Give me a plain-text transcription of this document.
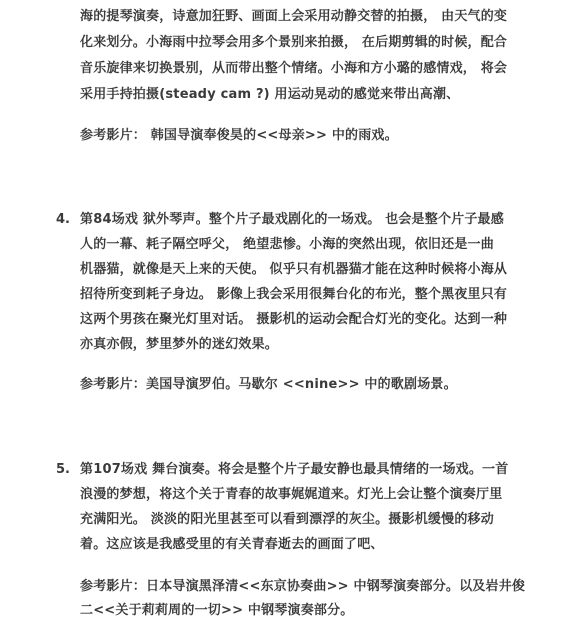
海的提琴演奏，诗意加狂野、画面上会采用动静交替的拍摄， 由天气的变
化来划分。小海雨中拉琴会用多个景别来拍摄， 在后期剪辑的时候，配合
音乐旋律来切换景别，从而带出整个情绪。小海和方小璐的感情戏， 将会
采用手持拍摄(steady cam ?) 用运动晃动的感觉来带出高潮、
参考影片： 韩国导演奉俊昊的<<母亲>> 中的雨戏。
4. 第84场戏 狱外琴声。整个片子最戏剧化的一场戏。 也会是整个片子最感
人的一幕、耗子隔空呼父， 绝望悲惨。小海的突然出现，依旧还是一曲
机器猫，就像是天上来的天使。 似乎只有机器猫才能在这种时候将小海从
招待所变到耗子身边。 影像上我会采用很舞台化的布光，整个黑夜里只有
这两个男孩在聚光灯里对话。 摄影机的运动会配合灯光的变化。达到一种
亦真亦假，梦里梦外的迷幻效果。
参考影片：美国导演罗伯。马歇尔 <<nine>> 中的歌剧场景。
5. 第107场戏 舞台演奏。将会是整个片子最安静也最具情绪的一场戏。一首
浪漫的梦想，将这个关于青春的故事娓娓道来。灯光上会让整个演奏厅里
充满阳光。 淡淡的阳光里甚至可以看到漂浮的灰尘。摄影机缓慢的移动
着。这应该是我感受里的有关青春逝去的画面了吧、
参考影片：日本导演黑泽清<<东京协奏曲>> 中钢琴演奏部分。以及岩井俊
二<<关于莉莉周的一切>> 中钢琴演奏部分。
